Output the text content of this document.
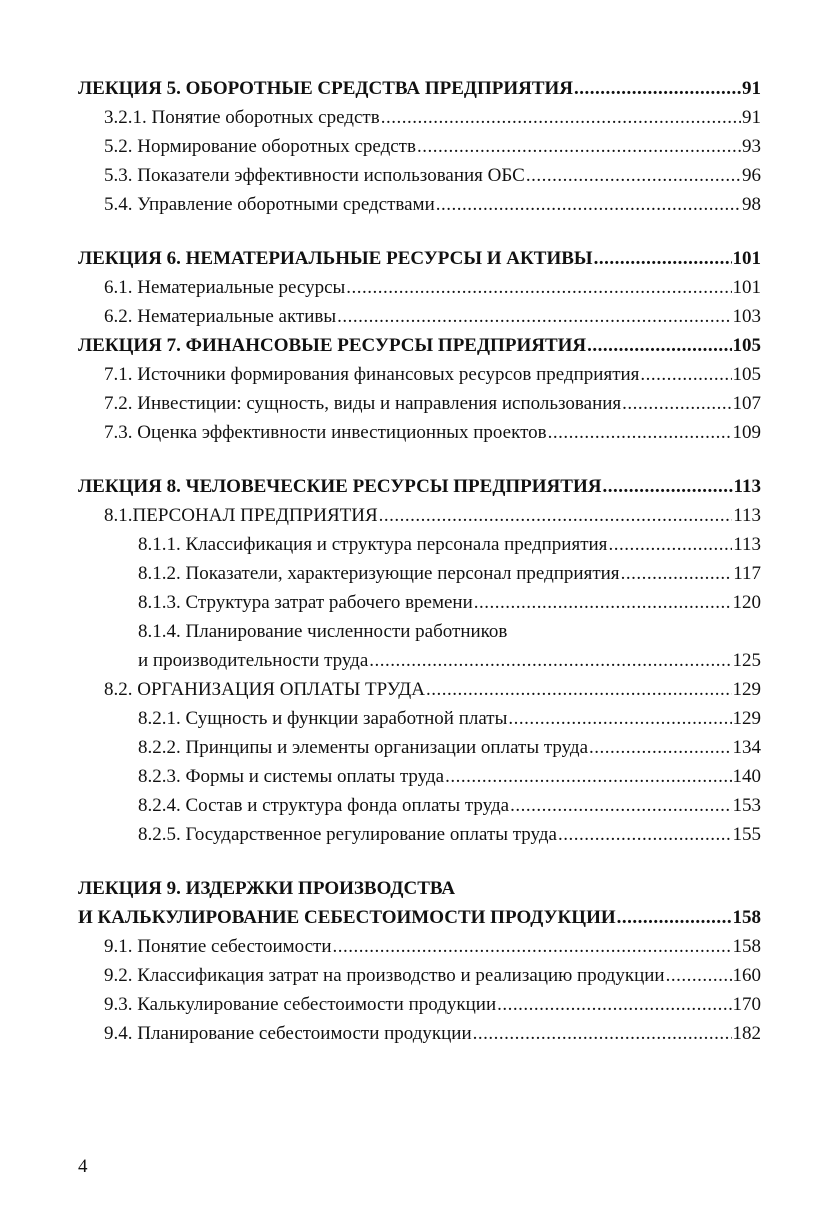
ЛЕКЦИЯ 5. ОБОРОТНЫЕ СРЕДСТВА ПРЕДПРИЯТИЯ .....	91
3.2.1. Понятие оборотных средств .....	91
5.2. Нормирование оборотных средств .....	93
5.3. Показатели эффективности использования ОБС .....	96
5.4. Управление оборотными средствами .....	98
ЛЕКЦИЯ 6. НЕМАТЕРИАЛЬНЫЕ РЕСУРСЫ И АКТИВЫ .....	101
6.1. Нематериальные ресурсы .....	101
6.2. Нематериальные активы .....	103
ЛЕКЦИЯ 7. ФИНАНСОВЫЕ РЕСУРСЫ ПРЕДПРИЯТИЯ .....	105
7.1. Источники формирования финансовых ресурсов предприятия .....	105
7.2. Инвестиции: сущность, виды и направления использования .....	107
7.3. Оценка эффективности инвестиционных проектов .....	109
ЛЕКЦИЯ 8. ЧЕЛОВЕЧЕСКИЕ РЕСУРСЫ ПРЕДПРИЯТИЯ .....	113
8.1.ПЕРСОНАЛ ПРЕДПРИЯТИЯ .....	113
8.1.1. Классификация и структура персонала предприятия .....	113
8.1.2. Показатели, характеризующие персонал предприятия .....	117
8.1.3. Структура затрат рабочего времени .....	120
8.1.4. Планирование численности работников
и производительности труда .....	125
8.2. ОРГАНИЗАЦИЯ ОПЛАТЫ ТРУДА .....	129
8.2.1. Сущность и функции заработной платы .....	129
8.2.2. Принципы и элементы организации оплаты труда .....	134
8.2.3. Формы и системы оплаты труда .....	140
8.2.4. Состав и структура фонда оплаты труда .....	153
8.2.5. Государственное регулирование оплаты труда .....	155
ЛЕКЦИЯ 9. ИЗДЕРЖКИ ПРОИЗВОДСТВА
И КАЛЬКУЛИРОВАНИЕ СЕБЕСТОИМОСТИ ПРОДУКЦИИ .....	158
9.1. Понятие себестоимости .....	158
9.2. Классификация затрат на производство и реализацию продукции .....	160
9.3. Калькулирование себестоимости продукции .....	170
9.4. Планирование себестоимости продукции .....	182
4
